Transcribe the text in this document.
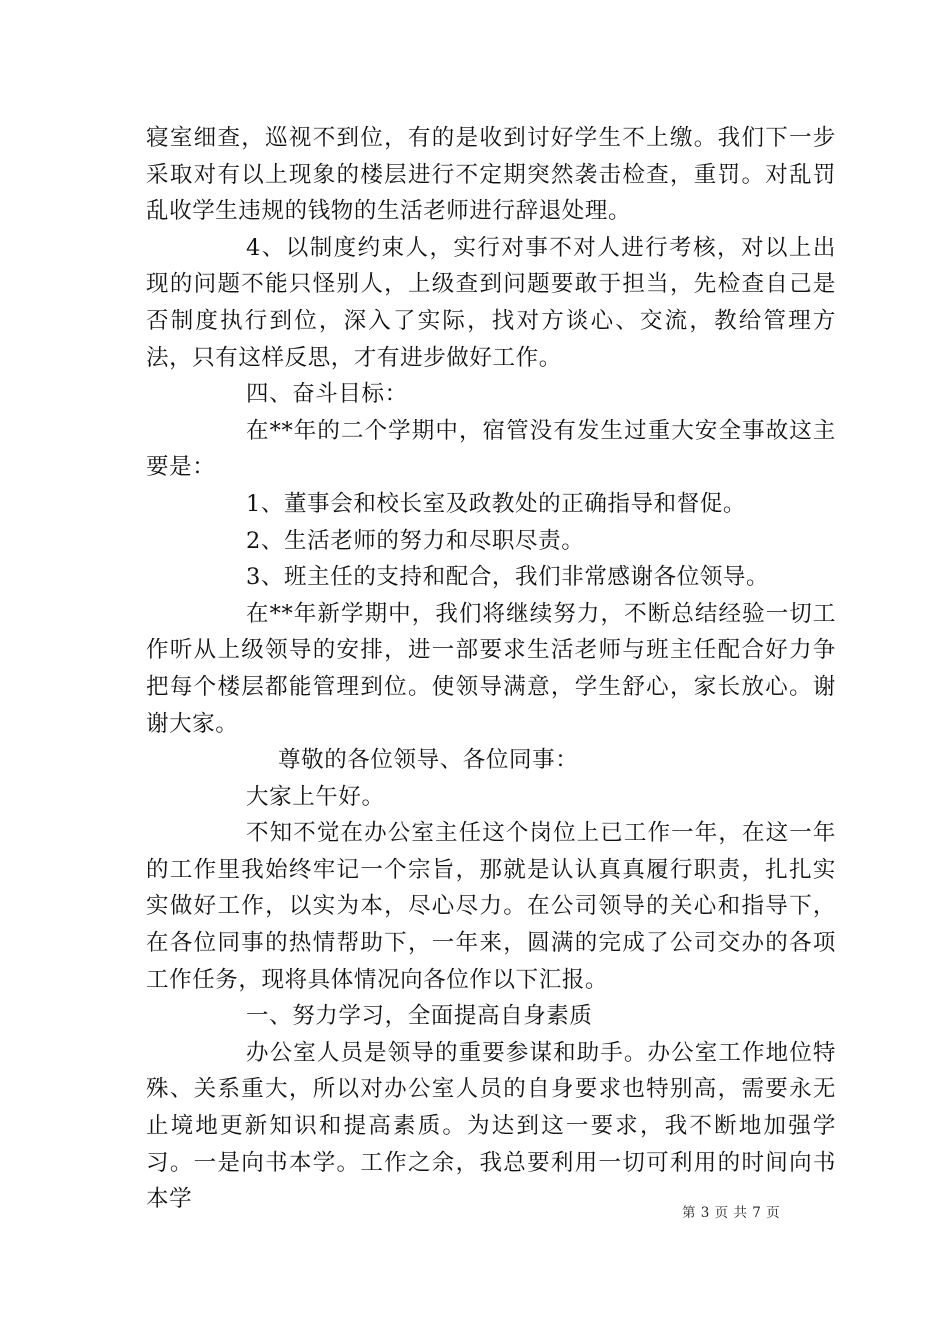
寝室细查，巡视不到位，有的是收到讨好学生不上缴。我们下一步采取对有以上现象的楼层进行不定期突然袭击检查，重罚。对乱罚乱收学生违规的钱物的生活老师进行辞退处理。

4、以制度约束人，实行对事不对人进行考核，对以上出现的问题不能只怪别人，上级查到问题要敢于担当，先检查自己是否制度执行到位，深入了实际，找对方谈心、交流，教给管理方法，只有这样反思，才有进步做好工作。

四、奋斗目标：

在**年的二个学期中，宿管没有发生过重大安全事故这主要是：

1、董事会和校长室及政教处的正确指导和督促。

2、生活老师的努力和尽职尽责。

3、班主任的支持和配合，我们非常感谢各位领导。

在**年新学期中，我们将继续努力，不断总结经验一切工作听从上级领导的安排，进一部要求生活老师与班主任配合好力争把每个楼层都能管理到位。使领导满意，学生舒心，家长放心。谢谢大家。

尊敬的各位领导、各位同事：

大家上午好。

不知不觉在办公室主任这个岗位上已工作一年，在这一年的工作里我始终牢记一个宗旨，那就是认认真真履行职责，扎扎实实做好工作，以实为本，尽心尽力。在公司领导的关心和指导下，在各位同事的热情帮助下，一年来，圆满的完成了公司交办的各项工作任务，现将具体情况向各位作以下汇报。

一、努力学习，全面提高自身素质

办公室人员是领导的重要参谋和助手。办公室工作地位特殊、关系重大，所以对办公室人员的自身要求也特别高，需要永无止境地更新知识和提高素质。为达到这一要求，我不断地加强学习。一是向书本学。工作之余，我总要利用一切可利用的时间向书本学

第 3 页 共 7 页
